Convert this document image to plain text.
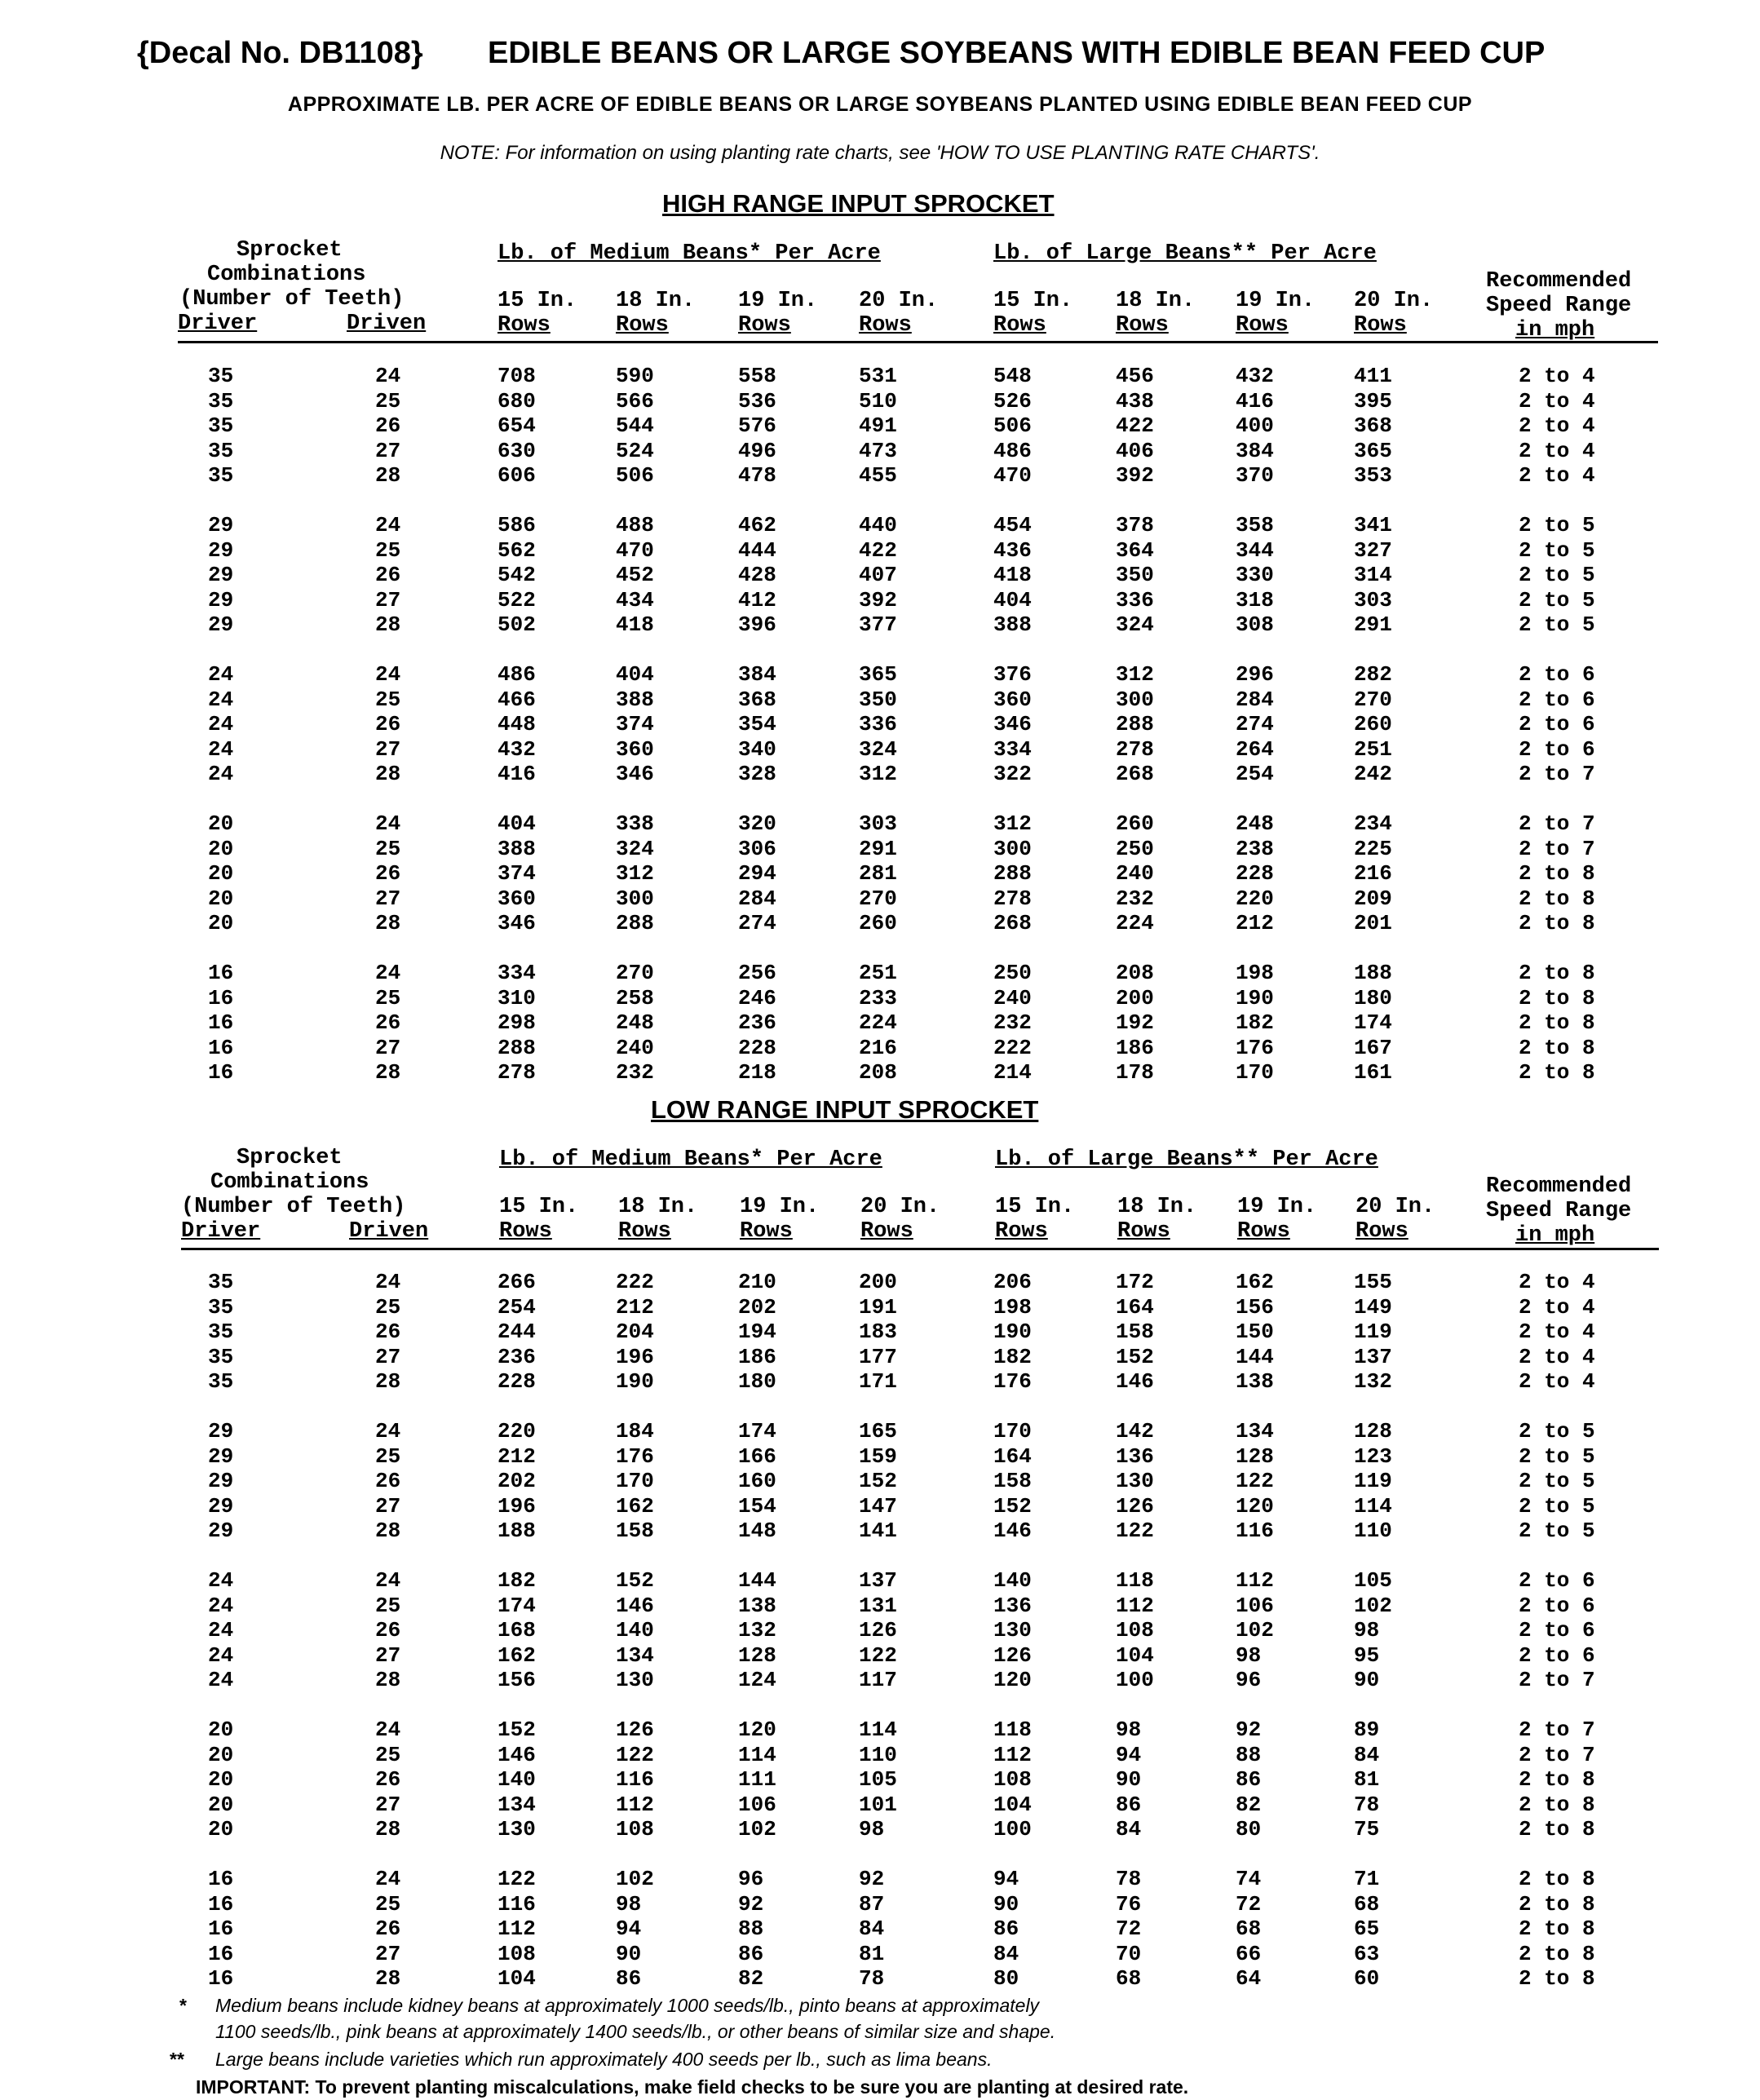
{Decal No. DB1108} EDIBLE BEANS OR LARGE SOYBEANS WITH EDIBLE BEAN FEED CUP
APPROXIMATE LB. PER ACRE OF EDIBLE BEANS OR LARGE SOYBEANS PLANTED USING EDIBLE BEAN FEED CUP
NOTE: For information on using planting rate charts, see 'HOW TO USE PLANTING RATE CHARTS'.
HIGH RANGE INPUT SPROCKET
Sprocket
Combinations
(Number of Teeth)
Driver	Driven
Lb. of Medium Beans* Per Acre	Lb. of Large Beans** Per Acre
15 In. 18 In. 19 In. 20 In.	15 In. 18 In. 19 In. 20 In.
Rows	Rows	Rows	Rows	Rows	Rows	Rows	Rows
Recommended
Speed Range
in mph
35	24	708	590	558	531	548	456	432	411	2 to 4
35	25	680	566	536	510	526	438	416	395	2 to 4
35	26	654	544	576	491	506	422	400	368	2 to 4
35	27	630	524	496	473	486	406	384	365	2 to 4
35	28	606	506	478	455	470	392	370	353	2 to 4
29	24	586	488	462	440	454	378	358	341	2 to 5
29	25	562	470	444	422	436	364	344	327	2 to 5
29	26	542	452	428	407	418	350	330	314	2 to 5
29	27	522	434	412	392	404	336	318	303	2 to 5
29	28	502	418	396	377	388	324	308	291	2 to 5
24	24	486	404	384	365	376	312	296	282	2 to 6
24	25	466	388	368	350	360	300	284	270	2 to 6
24	26	448	374	354	336	346	288	274	260	2 to 6
24	27	432	360	340	324	334	278	264	251	2 to 6
24	28	416	346	328	312	322	268	254	242	2 to 7
20	24	404	338	320	303	312	260	248	234	2 to 7
20	25	388	324	306	291	300	250	238	225	2 to 7
20	26	374	312	294	281	288	240	228	216	2 to 8
20	27	360	300	284	270	278	232	220	209	2 to 8
20	28	346	288	274	260	268	224	212	201	2 to 8
16	24	334	270	256	251	250	208	198	188	2 to 8
16	25	310	258	246	233	240	200	190	180	2 to 8
16	26	298	248	236	224	232	192	182	174	2 to 8
16	27	288	240	228	216	222	186	176	167	2 to 8
16	28	278	232	218	208	214	178	170	161	2 to 8
LOW RANGE INPUT SPROCKET
Sprocket
Combinations
(Number of Teeth)
Driver	Driven
Lb. of Medium Beans* Per Acre	Lb. of Large Beans** Per Acre
15 In. 18 In. 19 In. 20 In.	15 In. 18 In. 19 In. 20 In.
Rows	Rows	Rows	Rows	Rows	Rows	Rows	Rows
Recommended
Speed Range
in mph
35	24	266	222	210	200	206	172	162	155	2 to 4
35	25	254	212	202	191	198	164	156	149	2 to 4
35	26	244	204	194	183	190	158	150	119	2 to 4
35	27	236	196	186	177	182	152	144	137	2 to 4
35	28	228	190	180	171	176	146	138	132	2 to 4
29	24	220	184	174	165	170	142	134	128	2 to 5
29	25	212	176	166	159	164	136	128	123	2 to 5
29	26	202	170	160	152	158	130	122	119	2 to 5
29	27	196	162	154	147	152	126	120	114	2 to 5
29	28	188	158	148	141	146	122	116	110	2 to 5
24	24	182	152	144	137	140	118	112	105	2 to 6
24	25	174	146	138	131	136	112	106	102	2 to 6
24	26	168	140	132	126	130	108	102	98	2 to 6
24	27	162	134	128	122	126	104	98	95	2 to 6
24	28	156	130	124	117	120	100	96	90	2 to 7
20	24	152	126	120	114	118	98	92	89	2 to 7
20	25	146	122	114	110	112	94	88	84	2 to 7
20	26	140	116	111	105	108	90	86	81	2 to 8
20	27	134	112	106	101	104	86	82	78	2 to 8
20	28	130	108	102	98	100	84	80	75	2 to 8
16	24	122	102	96	92	94	78	74	71	2 to 8
16	25	116	98	92	87	90	76	72	68	2 to 8
16	26	112	94	88	84	86	72	68	65	2 to 8
16	27	108	90	86	81	84	70	66	63	2 to 8
16	28	104	86	82	78	80	68	64	60	2 to 8
* Medium beans include kidney beans at approximately 1000 seeds/lb., pinto beans at approximately
1100 seeds/lb., pink beans at approximately 1400 seeds/lb., or other beans of similar size and shape.
** Large beans include varieties which run approximately 400 seeds per lb., such as lima beans.
IMPORTANT: To prevent planting miscalculations, make field checks to be sure you are planting at desired rate.
